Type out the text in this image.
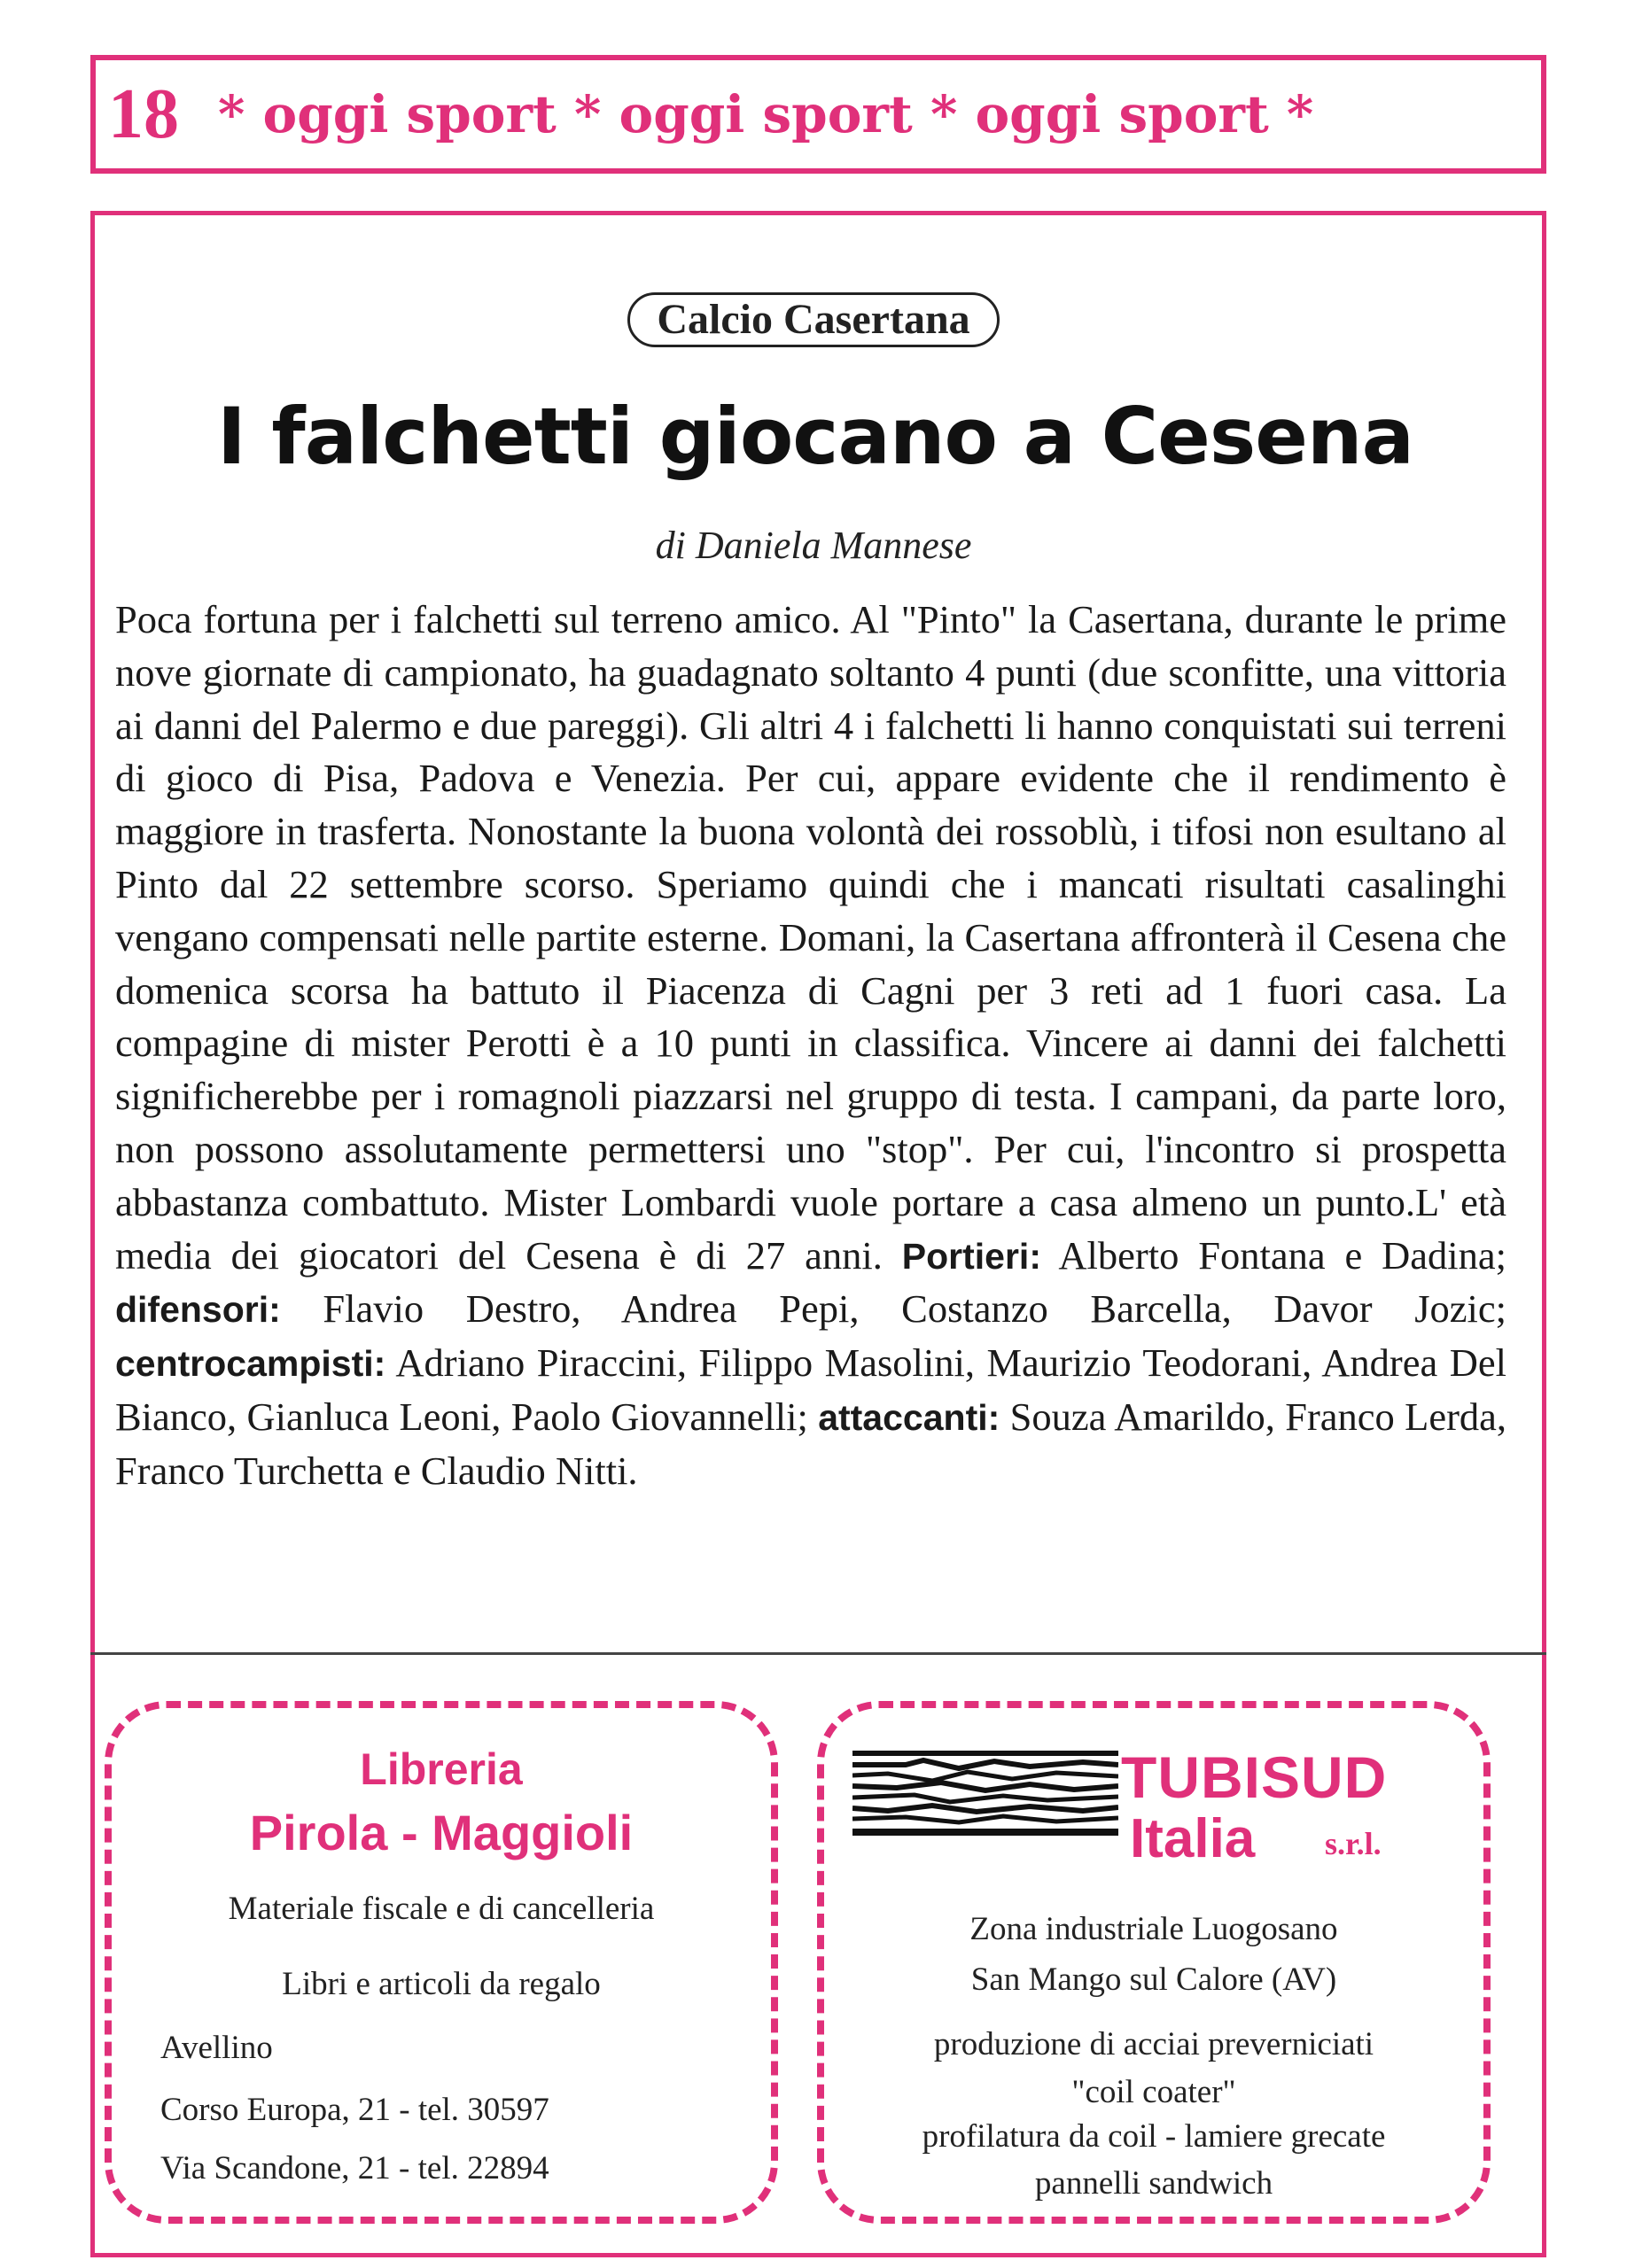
18 * oggi sport * oggi sport * oggi sport *
Calcio Casertana
I falchetti giocano a Cesena
di Daniela Mannese

Poca fortuna per i falchetti sul terreno amico. Al "Pinto" la Casertana, durante le prime nove giornate di campionato, ha guadagnato soltanto 4 punti (due sconfitte, una vittoria ai danni del Palermo e due pareggi). Gli altri 4 i falchetti li hanno conquistati sui terreni di gioco di Pisa, Padova e Venezia. Per cui, appare evidente che il rendimento è maggiore in trasferta. Nonostante la buona volontà dei rossoblù, i tifosi non esultano al Pinto dal 22 settembre scorso. Speriamo quindi che i mancati risultati casalinghi vengano compensati nelle partite esterne. Domani, la Casertana affronterà il Cesena che domenica scorsa ha battuto il Piacenza di Cagni per 3 reti ad 1 fuori casa. La compagine di mister Perotti è a 10 punti in classifica. Vincere ai danni dei falchetti significherebbe per i romagnoli piazzarsi nel gruppo di testa. I campani, da parte loro, non possono assolutamente permettersi uno "stop". Per cui, l'incontro si prospetta abbastanza combattuto. Mister Lombardi vuole portare a casa almeno un punto.L' età media dei giocatori del Cesena è di 27 anni. Portieri: Alberto Fontana e Dadina; difensori: Flavio Destro, Andrea Pepi, Costanzo Barcella, Davor Jozic; centrocampisti: Adriano Piraccini, Filippo Masolini, Maurizio Teodorani, Andrea Del Bianco, Gianluca Leoni, Paolo Giovannelli; attaccanti: Souza Amarildo, Franco Lerda, Franco Turchetta e Claudio Nitti.

Libreria
Pirola - Maggioli
Materiale fiscale e di cancelleria
Libri e articoli da regalo
Avellino
Corso Europa, 21 - tel. 30597
Via Scandone, 21 - tel. 22894
TUBISUD
Italia s.r.l.
Zona industriale Luogosano
San Mango sul Calore (AV)
produzione di acciai preverniciati
"coil coater"
profilatura da coil - lamiere grecate
pannelli sandwich
